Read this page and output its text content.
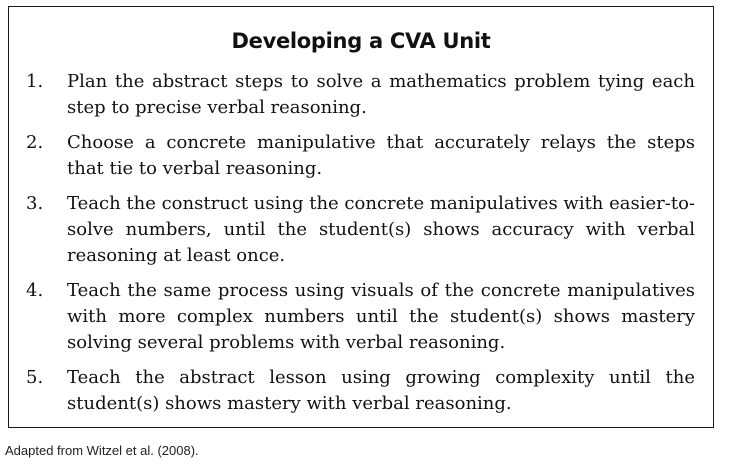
Developing a CVA Unit
1.	Plan the abstract steps to solve a mathematics problem tying each step to precise verbal reasoning.
2.	Choose a concrete manipulative that accurately relays the steps that tie to verbal reasoning.
3.	Teach the construct using the concrete manipulatives with easier-to-solve numbers, until the student(s) shows accuracy with verbal reasoning at least once.
4.	Teach the same process using visuals of the concrete manipulatives with more complex numbers until the student(s) shows mastery solving several problems with verbal reasoning.
5.	Teach the abstract lesson using growing complexity until the student(s) shows mastery with verbal reasoning.
Adapted from Witzel et al. (2008).
